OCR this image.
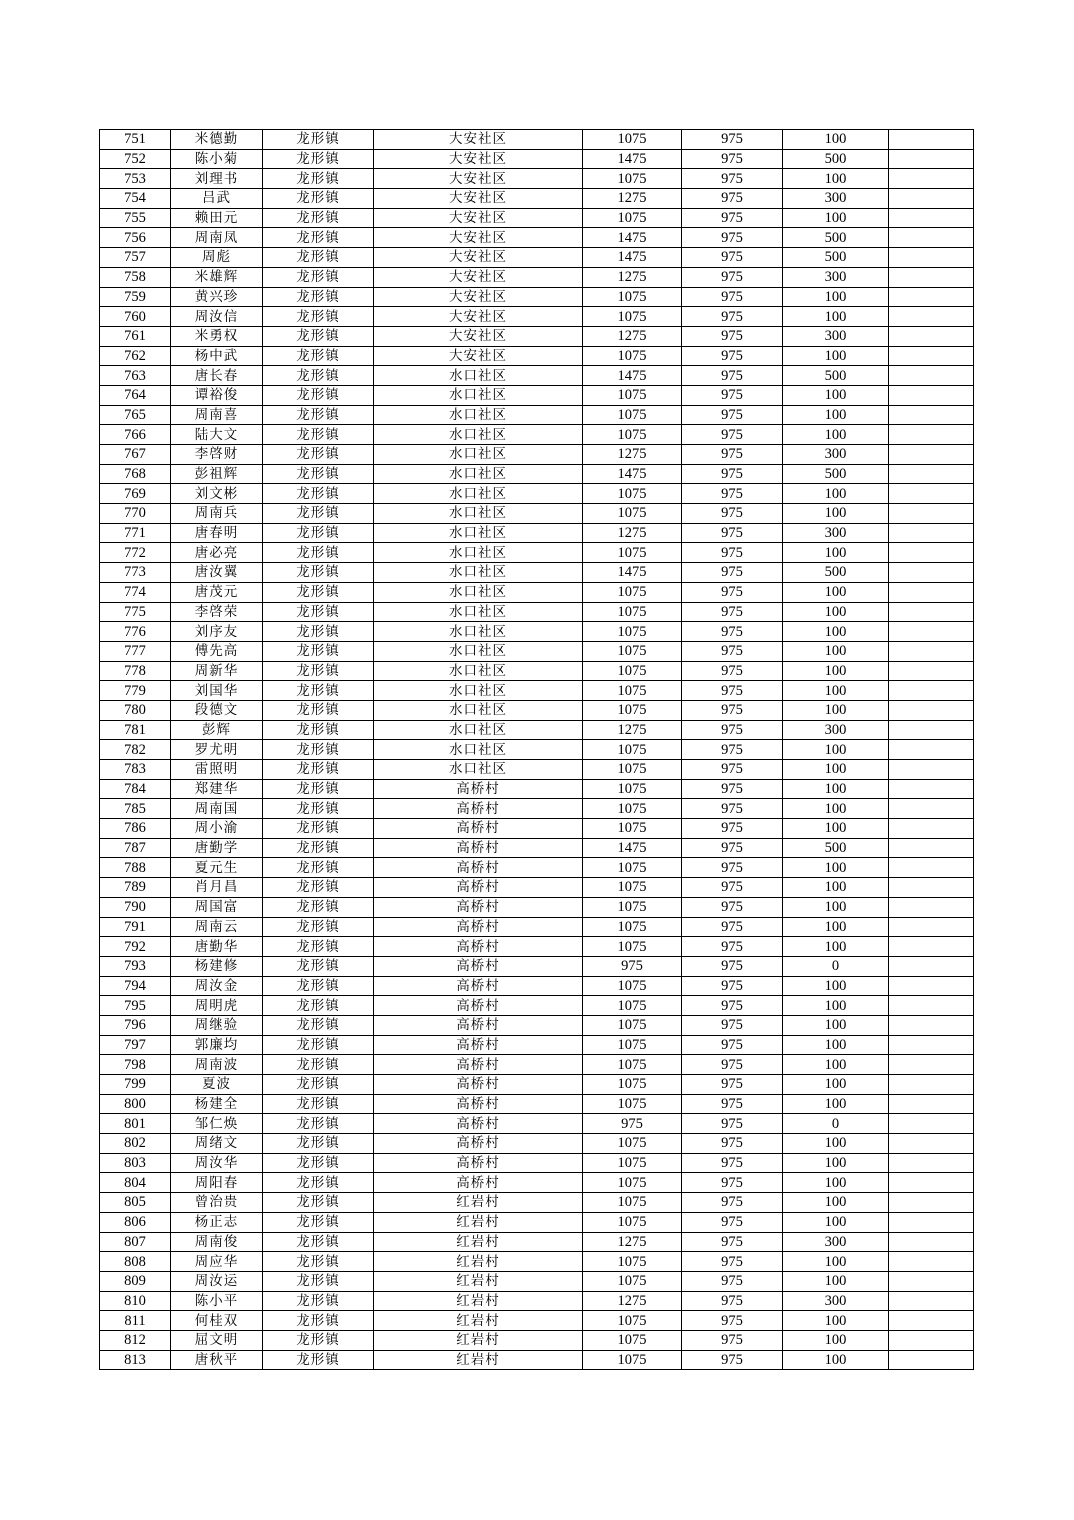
751	米德勤	龙形镇	大安社区	1075	975	100	
752	陈小菊	龙形镇	大安社区	1475	975	500	
753	刘理书	龙形镇	大安社区	1075	975	100	
754	吕武	龙形镇	大安社区	1275	975	300	
755	赖田元	龙形镇	大安社区	1075	975	100	
756	周南凤	龙形镇	大安社区	1475	975	500	
757	周彪	龙形镇	大安社区	1475	975	500	
758	米雄辉	龙形镇	大安社区	1275	975	300	
759	黄兴珍	龙形镇	大安社区	1075	975	100	
760	周汝信	龙形镇	大安社区	1075	975	100	
761	米勇权	龙形镇	大安社区	1275	975	300	
762	杨中武	龙形镇	大安社区	1075	975	100	
763	唐长春	龙形镇	水口社区	1475	975	500	
764	谭裕俊	龙形镇	水口社区	1075	975	100	
765	周南喜	龙形镇	水口社区	1075	975	100	
766	陆大文	龙形镇	水口社区	1075	975	100	
767	李啓财	龙形镇	水口社区	1275	975	300	
768	彭祖辉	龙形镇	水口社区	1475	975	500	
769	刘文彬	龙形镇	水口社区	1075	975	100	
770	周南兵	龙形镇	水口社区	1075	975	100	
771	唐春明	龙形镇	水口社区	1275	975	300	
772	唐必亮	龙形镇	水口社区	1075	975	100	
773	唐汝翼	龙形镇	水口社区	1475	975	500	
774	唐茂元	龙形镇	水口社区	1075	975	100	
775	李啓荣	龙形镇	水口社区	1075	975	100	
776	刘序友	龙形镇	水口社区	1075	975	100	
777	傅先高	龙形镇	水口社区	1075	975	100	
778	周新华	龙形镇	水口社区	1075	975	100	
779	刘国华	龙形镇	水口社区	1075	975	100	
780	段德文	龙形镇	水口社区	1075	975	100	
781	彭辉	龙形镇	水口社区	1275	975	300	
782	罗尤明	龙形镇	水口社区	1075	975	100	
783	雷照明	龙形镇	水口社区	1075	975	100	
784	郑建华	龙形镇	高桥村	1075	975	100	
785	周南国	龙形镇	高桥村	1075	975	100	
786	周小渝	龙形镇	高桥村	1075	975	100	
787	唐勤学	龙形镇	高桥村	1475	975	500	
788	夏元生	龙形镇	高桥村	1075	975	100	
789	肖月昌	龙形镇	高桥村	1075	975	100	
790	周国富	龙形镇	高桥村	1075	975	100	
791	周南云	龙形镇	高桥村	1075	975	100	
792	唐勤华	龙形镇	高桥村	1075	975	100	
793	杨建修	龙形镇	高桥村	975	975	0	
794	周汝金	龙形镇	高桥村	1075	975	100	
795	周明虎	龙形镇	高桥村	1075	975	100	
796	周继验	龙形镇	高桥村	1075	975	100	
797	郭廉均	龙形镇	高桥村	1075	975	100	
798	周南波	龙形镇	高桥村	1075	975	100	
799	夏波	龙形镇	高桥村	1075	975	100	
800	杨建全	龙形镇	高桥村	1075	975	100	
801	邹仁焕	龙形镇	高桥村	975	975	0	
802	周绪文	龙形镇	高桥村	1075	975	100	
803	周汝华	龙形镇	高桥村	1075	975	100	
804	周阳春	龙形镇	高桥村	1075	975	100	
805	曾治贵	龙形镇	红岩村	1075	975	100	
806	杨正志	龙形镇	红岩村	1075	975	100	
807	周南俊	龙形镇	红岩村	1275	975	300	
808	周应华	龙形镇	红岩村	1075	975	100	
809	周汝运	龙形镇	红岩村	1075	975	100	
810	陈小平	龙形镇	红岩村	1275	975	300	
811	何桂双	龙形镇	红岩村	1075	975	100	
812	屈文明	龙形镇	红岩村	1075	975	100	
813	唐秋平	龙形镇	红岩村	1075	975	100	
